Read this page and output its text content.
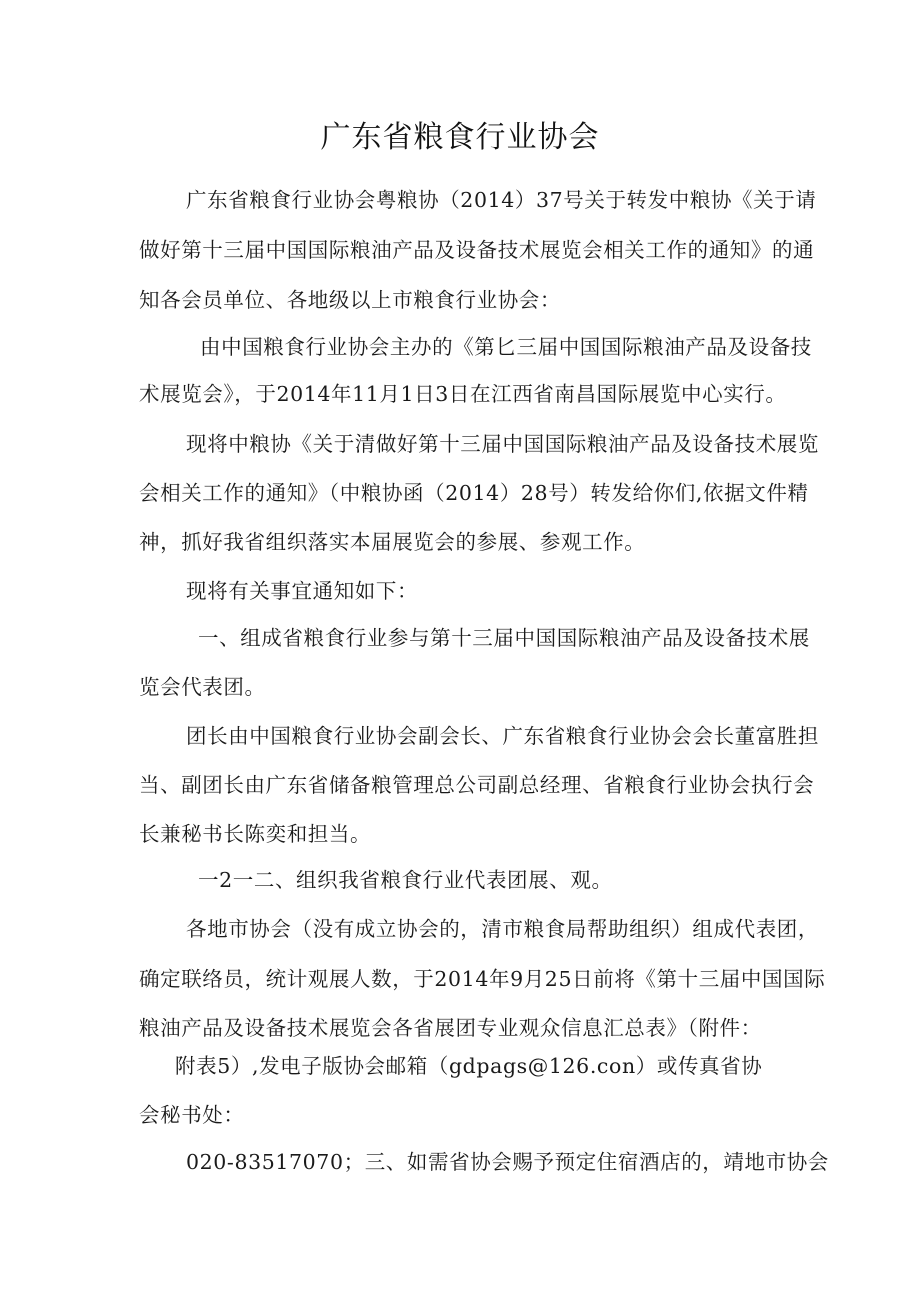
广东省粮食行业协会
广东省粮食行业协会粤粮协（2014）37号关于转发中粮协《关于请
做好第十三届中国国际粮油产品及设备技术展览会相关工作的通知》的通
知各会员单位、各地级以上市粮食行业协会：
由中国粮食行业协会主办的《第匕三届中国国际粮油产品及设备技
术展览会》，于2014年11月1日3日在江西省南昌国际展览中心实行。
现将中粮协《关于清做好第十三届中国国际粮油产品及设备技术展览
会相关工作的通知》（中粮协函（2014）28号）转发给你们,依据文件精
神，抓好我省组织落实本届展览会的参展、参观工作。
现将有关事宜通知如下：
一、组成省粮食行业参与第十三届中国国际粮油产品及设备技术展
览会代表团。
团长由中国粮食行业协会副会长、广东省粮食行业协会会长董富胜担
当、副团长由广东省储备粮管理总公司副总经理、省粮食行业协会执行会
长兼秘书长陈奕和担当。
一2一二、组织我省粮食行业代表团展、观。
各地市协会（没有成立协会的，清市粮食局帮助组织）组成代表团，
确定联络员，统计观展人数，于2014年9月25日前将《第十三届中国国际
粮油产品及设备技术展览会各省展团专业观众信息汇总表》（附件：
附表5）,发电子版协会邮箱（gdpags@126.con）或传真省协
会秘书处：
020-83517070；三、如需省协会赐予预定住宿酒店的，靖地市协会
